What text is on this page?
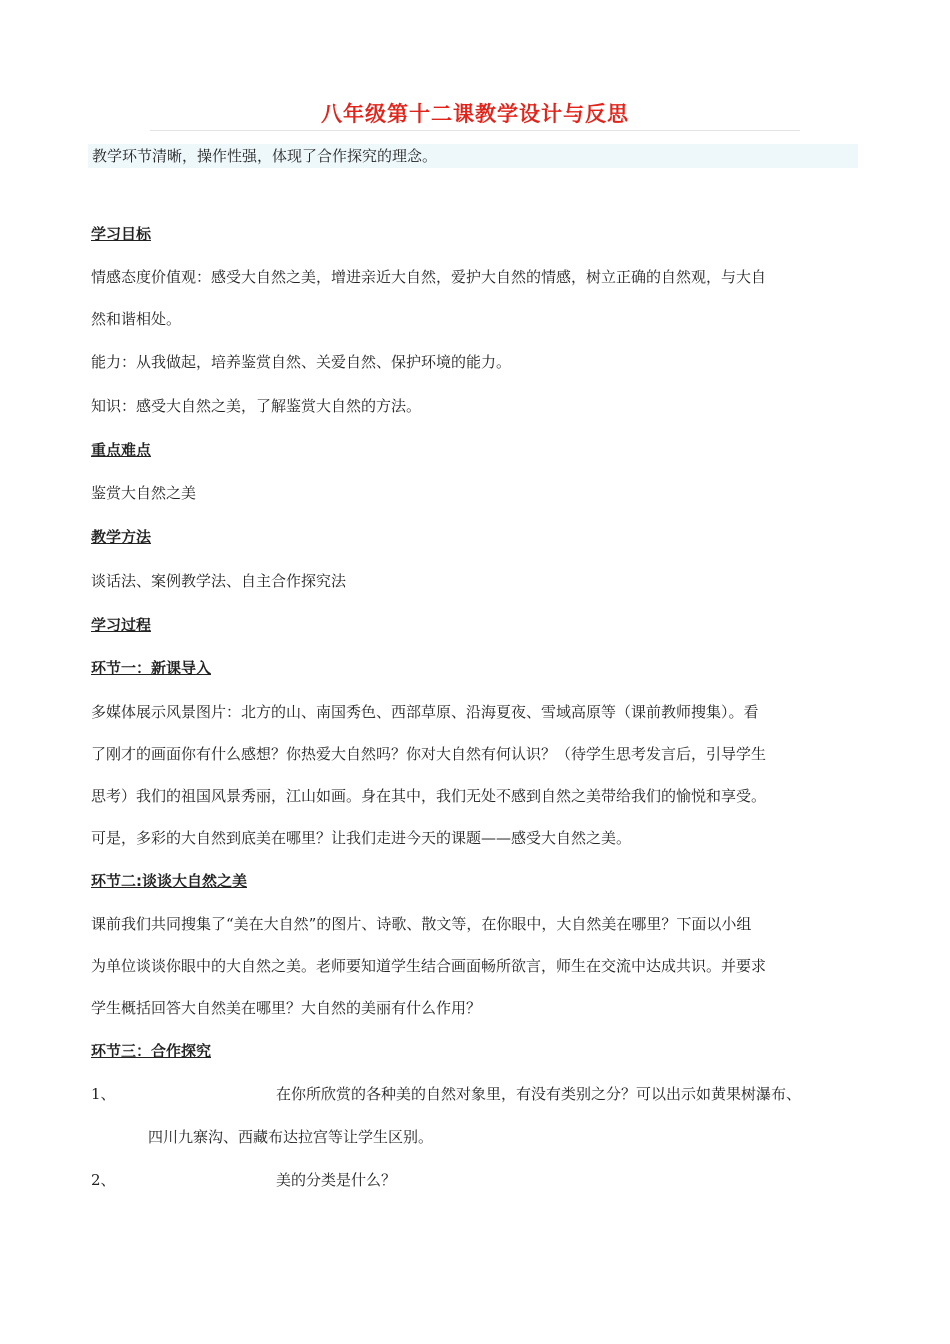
八年级第十二课教学设计与反思
教学环节清晰，操作性强，体现了合作探究的理念。
学习目标
情感态度价值观：感受大自然之美，增进亲近大自然，爱护大自然的情感，树立正确的自然观，与大自
然和谐相处。
能力：从我做起，培养鉴赏自然、关爱自然、保护环境的能力。
知识：感受大自然之美，了解鉴赏大自然的方法。
重点难点
鉴赏大自然之美
教学方法
谈话法、案例教学法、自主合作探究法
学习过程
环节一：新课导入
多媒体展示风景图片：北方的山、南国秀色、西部草原、沿海夏夜、雪域高原等（课前教师搜集）。看
了刚才的画面你有什么感想？你热爱大自然吗？你对大自然有何认识？（待学生思考发言后，引导学生
思考）我们的祖国风景秀丽，江山如画。身在其中，我们无处不感到自然之美带给我们的愉悦和享受。
可是，多彩的大自然到底美在哪里？让我们走进今天的课题——感受大自然之美。
环节二:谈谈大自然之美
课前我们共同搜集了“美在大自然”的图片、诗歌、散文等，在你眼中，大自然美在哪里？下面以小组
为单位谈谈你眼中的大自然之美。老师要知道学生结合画面畅所欲言，师生在交流中达成共识。并要求
学生概括回答大自然美在哪里？大自然的美丽有什么作用？
环节三：合作探究
1、	在你所欣赏的各种美的自然对象里，有没有类别之分？可以出示如黄果树瀑布、
四川九寨沟、西藏布达拉宫等让学生区别。
2、	美的分类是什么？
